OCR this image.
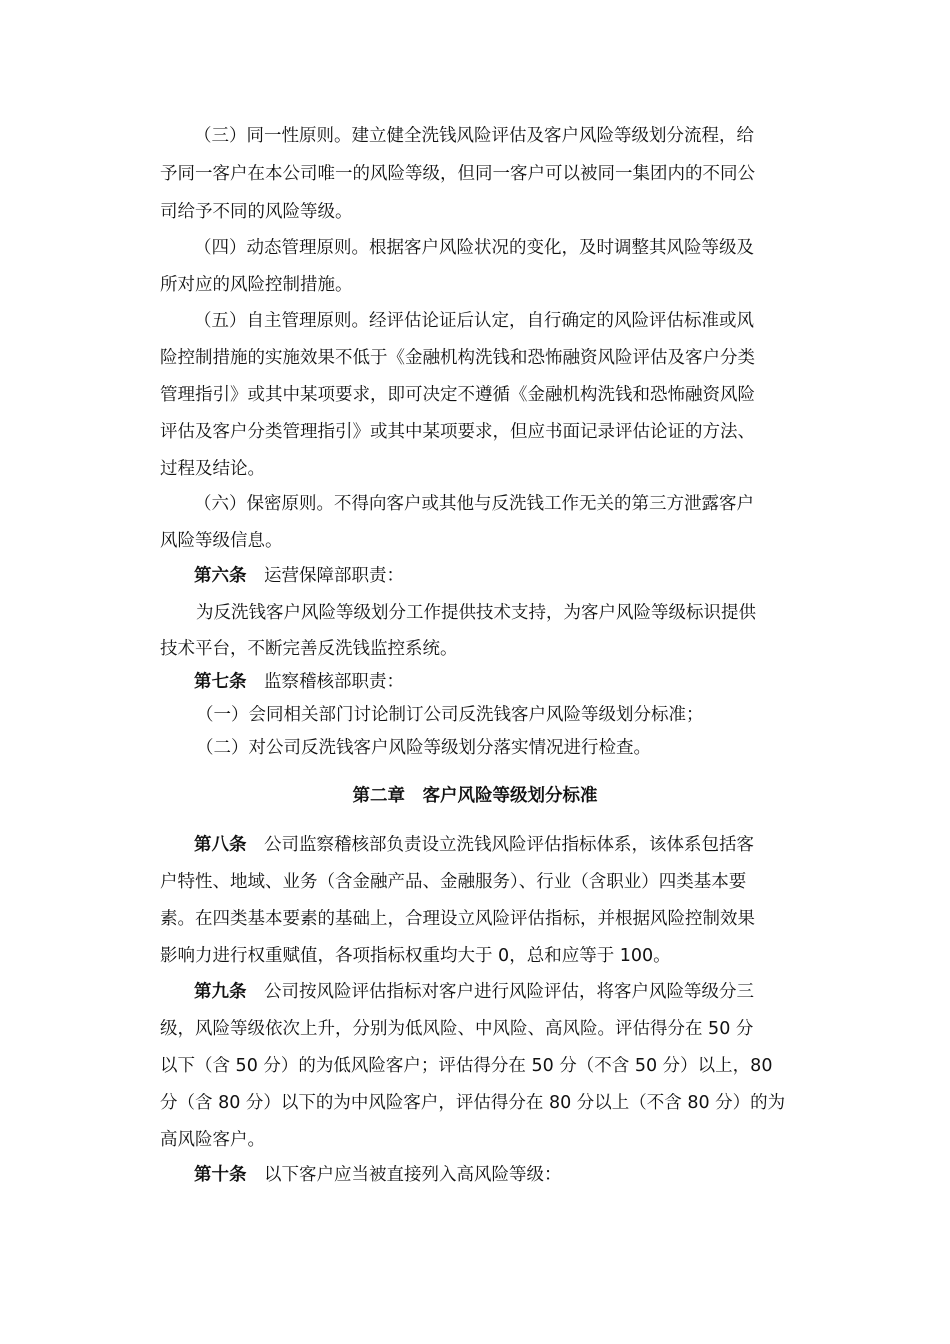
（三）同一性原则。建立健全洗钱风险评估及客户风险等级划分流程，给
予同一客户在本公司唯一的风险等级，但同一客户可以被同一集团内的不同公
司给予不同的风险等级。
（四）动态管理原则。根据客户风险状况的变化，及时调整其风险等级及
所对应的风险控制措施。
（五）自主管理原则。经评估论证后认定，自行确定的风险评估标准或风
险控制措施的实施效果不低于《金融机构洗钱和恐怖融资风险评估及客户分类
管理指引》或其中某项要求，即可决定不遵循《金融机构洗钱和恐怖融资风险
评估及客户分类管理指引》或其中某项要求，但应书面记录评估论证的方法、
过程及结论。
（六）保密原则。不得向客户或其他与反洗钱工作无关的第三方泄露客户
风险等级信息。
第六条　 运营保障部职责：
为反洗钱客户风险等级划分工作提供技术支持，为客户风险等级标识提供
技术平台，不断完善反洗钱监控系统。
第七条　 监察稽核部职责：
（一）会同相关部门讨论制订公司反洗钱客户风险等级划分标准；
（二）对公司反洗钱客户风险等级划分落实情况进行检查。
第二章　客户风险等级划分标准
第八条　 公司监察稽核部负责设立洗钱风险评估指标体系，该体系包括客
户特性、地域、业务（含金融产品、金融服务）、行业（含职业）四类基本要
素。在四类基本要素的基础上，合理设立风险评估指标，并根据风险控制效果
影响力进行权重赋值，各项指标权重均大于 0，总和应等于 100。
第九条　 公司按风险评估指标对客户进行风险评估，将客户风险等级分三
级，风险等级依次上升，分别为低风险、中风险、高风险。评估得分在 50 分
以下（含 50 分）的为低风险客户；评估得分在 50 分（不含 50 分）以上，80
分（含 80 分）以下的为中风险客户，评估得分在 80 分以上（不含 80 分）的为
高风险客户。
第十条　 以下客户应当被直接列入高风险等级：
